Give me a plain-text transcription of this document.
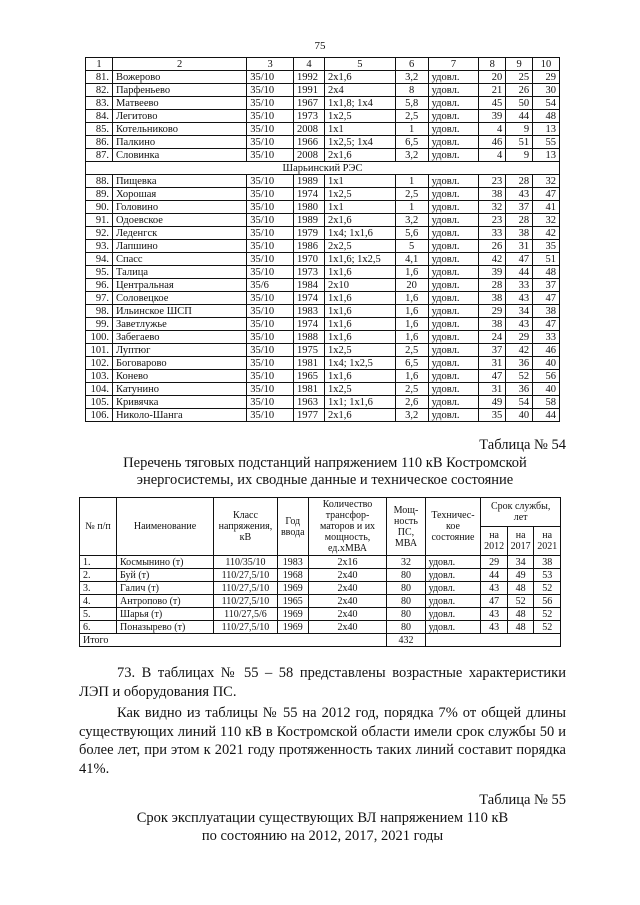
75
1	2	3	4	5	6	7	8	9	10
81.	Вожерово	35/10	1992	2х1,6	3,2	удовл.	20	25	29
82.	Парфеньево	35/10	1991	2х4	8	удовл.	21	26	30
83.	Матвеево	35/10	1967	1х1,8; 1х4	5,8	удовл.	45	50	54
84.	Легитово	35/10	1973	1х2,5	2,5	удовл.	39	44	48
85.	Котельниково	35/10	2008	1х1	1	удовл.	4	9	13
86.	Палкино	35/10	1966	1х2,5; 1х4	6,5	удовл.	46	51	55
87.	Словинка	35/10	2008	2х1,6	3,2	удовл.	4	9	13
Шарьинский РЭС									
88.	Пищевка	35/10	1989	1х1	1	удовл.	23	28	32
89.	Хорошая	35/10	1974	1х2,5	2,5	удовл.	38	43	47
90.	Головино	35/10	1980	1х1	1	удовл.	32	37	41
91.	Одоевское	35/10	1989	2х1,6	3,2	удовл.	23	28	32
92.	Леденгск	35/10	1979	1х4; 1х1,6	5,6	удовл.	33	38	42
93.	Лапшино	35/10	1986	2х2,5	5	удовл.	26	31	35
94.	Спасс	35/10	1970	1х1,6; 1х2,5	4,1	удовл.	42	47	51
95.	Талица	35/10	1973	1х1,6	1,6	удовл.	39	44	48
96.	Центральная	35/6	1984	2х10	20	удовл.	28	33	37
97.	Соловецкое	35/10	1974	1х1,6	1,6	удовл.	38	43	47
98.	Ильинское ШСП	35/10	1983	1х1,6	1,6	удовл.	29	34	38
99.	Заветлужье	35/10	1974	1х1,6	1,6	удовл.	38	43	47
100.	Забегаево	35/10	1988	1х1,6	1,6	удовл.	24	29	33
101.	Луптюг	35/10	1975	1х2,5	2,5	удовл.	37	42	46
102.	Боговарово	35/10	1981	1х4; 1х2,5	6,5	удовл.	31	36	40
103.	Конево	35/10	1965	1х1,6	1,6	удовл.	47	52	56
104.	Катунино	35/10	1981	1х2,5	2,5	удовл.	31	36	40
105.	Кривячка	35/10	1963	1х1; 1х1,6	2,6	удовл.	49	54	58
106.	Николо-Шанга	35/10	1977	2х1,6	3,2	удовл.	35	40	44
Таблица № 54
Перечень тяговых подстанций напряжением 110 кВ Костромской энергосистемы, их сводные данные и техническое состояние
№ п/п	Наименование	Класс напряжения, кВ	Год ввода	Количество трансфор-маторов и их мощность, ед.хМВА	Мощ-ность ПС, МВА	Техничес-кое состояние	Срок службы, лет		
							на 2012	на 2017	на 2021
1.	Космынино (т)	110/35/10	1983	2х16	32	удовл.	29	34	38
2.	Буй (т)	110/27,5/10	1968	2х40	80	удовл.	44	49	53
3.	Галич (т)	110/27,5/10	1969	2х40	80	удовл.	43	48	52
4.	Антропово (т)	110/27,5/10	1965	2х40	80	удовл.	47	52	56
5.	Шарья (т)	110/27,5/6	1969	2х40	80	удовл.	43	48	52
6.	Поназырево (т)	110/27,5/10	1969	2х40	80	удовл.	43	48	52
Итого					432				
73. В таблицах № 55 – 58 представлены возрастные характеристики ЛЭП и оборудования ПС.
Как видно из таблицы № 55 на 2012 год, порядка 7% от общей длины существующих линий 110 кВ в Костромской области имели срок службы 50 и более лет, при этом к 2021 году протяженность таких линий составит порядка 41%.
Таблица № 55
Срок эксплуатации существующих ВЛ напряжением 110 кВ
по состоянию на 2012, 2017, 2021 годы
